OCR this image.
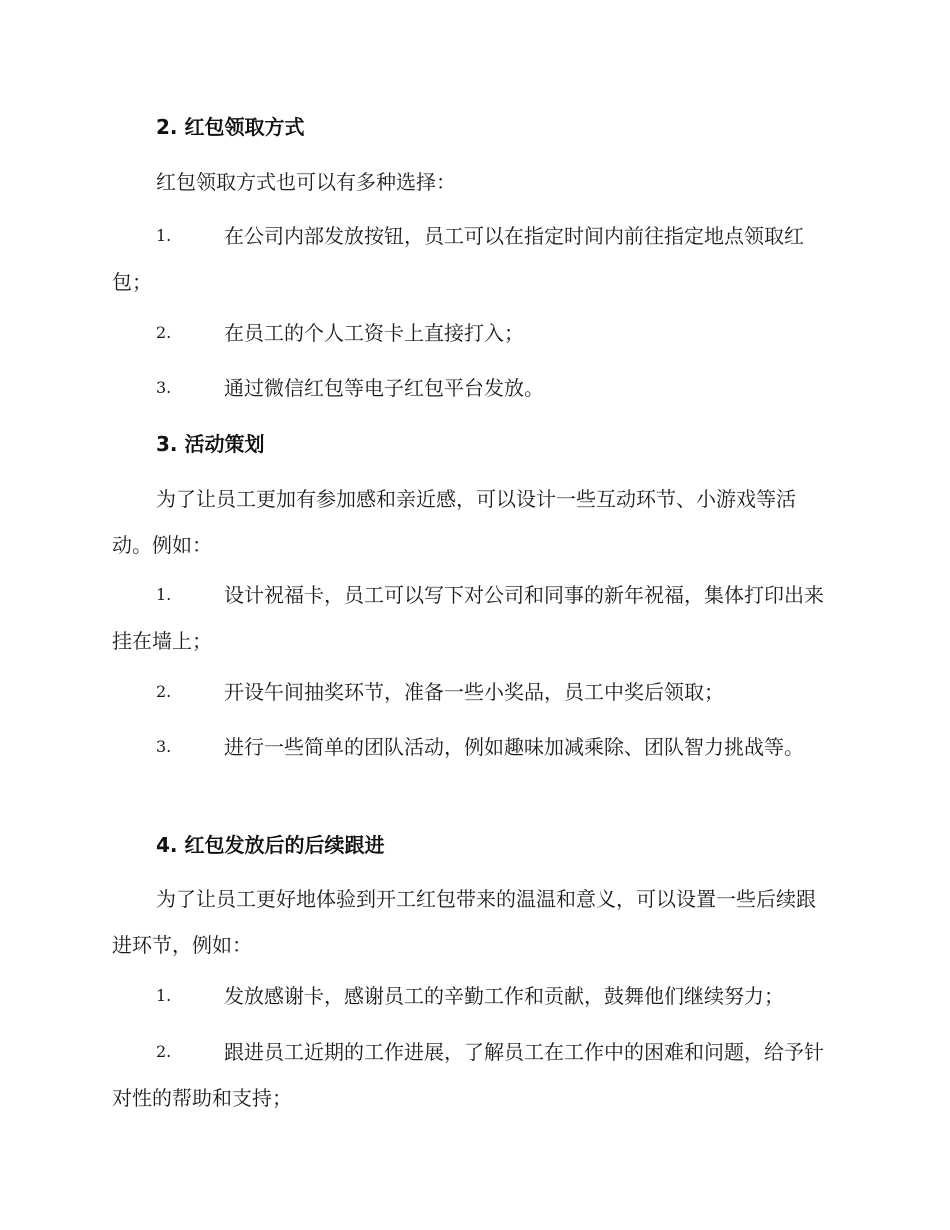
2. 红包领取方式
红包领取方式也可以有多种选择：
1.	在公司内部发放按钮，员工可以在指定时间内前往指定地点领取红包；
2.	在员工的个人工资卡上直接打入；
3.	通过微信红包等电子红包平台发放。
3. 活动策划
为了让员工更加有参加感和亲近感，可以设计一些互动环节、小游戏等活动。例如：
1.	设计祝福卡，员工可以写下对公司和同事的新年祝福，集体打印出来挂在墙上；
2.	开设午间抽奖环节，准备一些小奖品，员工中奖后领取；
3.	进行一些简单的团队活动，例如趣味加减乘除、团队智力挑战等。
4. 红包发放后的后续跟进
为了让员工更好地体验到开工红包带来的温温和意义，可以设置一些后续跟进环节，例如：
1.	发放感谢卡，感谢员工的辛勤工作和贡献，鼓舞他们继续努力；
2.	跟进员工近期的工作进展，了解员工在工作中的困难和问题，给予针对性的帮助和支持；
